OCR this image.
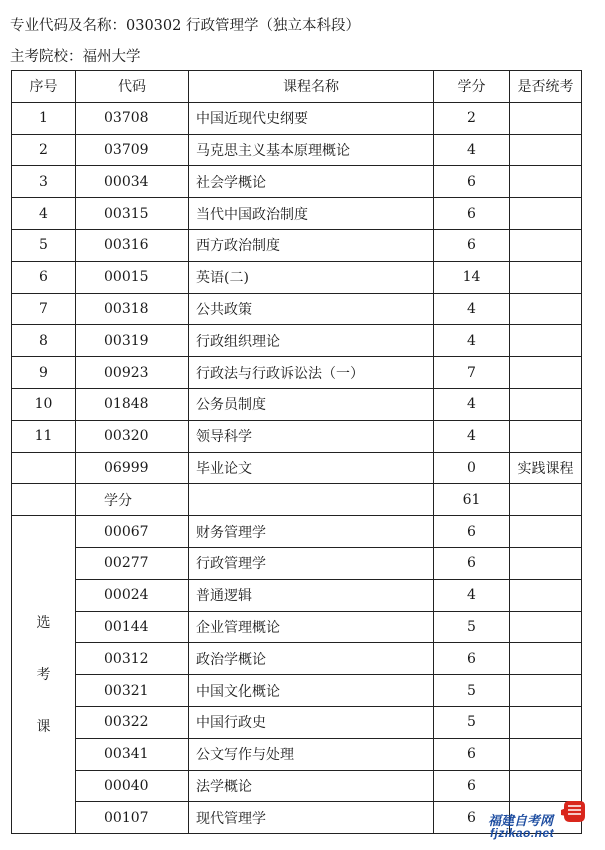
专业代码及名称：030302 行政管理学（独立本科段）
主考院校：福州大学
序号	代码	课程名称	学分	是否统考
1	03708	中国近现代史纲要	2	
2	03709	马克思主义基本原理概论	4	
3	00034	社会学概论	6	
4	00315	当代中国政治制度	6	
5	00316	西方政治制度	6	
6	00015	英语(二)	14	
7	00318	公共政策	4	
8	00319	行政组织理论	4	
9	00923	行政法与行政诉讼法（一）	7	
10	01848	公务员制度	4	
11	00320	领导科学	4	
	06999	毕业论文	0	实践课程
	学分		61	

选
考
课	00067	财务管理学	6	
	00277	行政管理学	6	
	00024	普通逻辑	4	
	00144	企业管理概论	5	
	00312	政治学概论	6	
	00321	中国文化概论	5	
	00322	中国行政史	5	
	00341	公文写作与处理	6	
	00040	法学概论	6	
	00107	现代管理学	6	福建自考网
fjzikao.net
